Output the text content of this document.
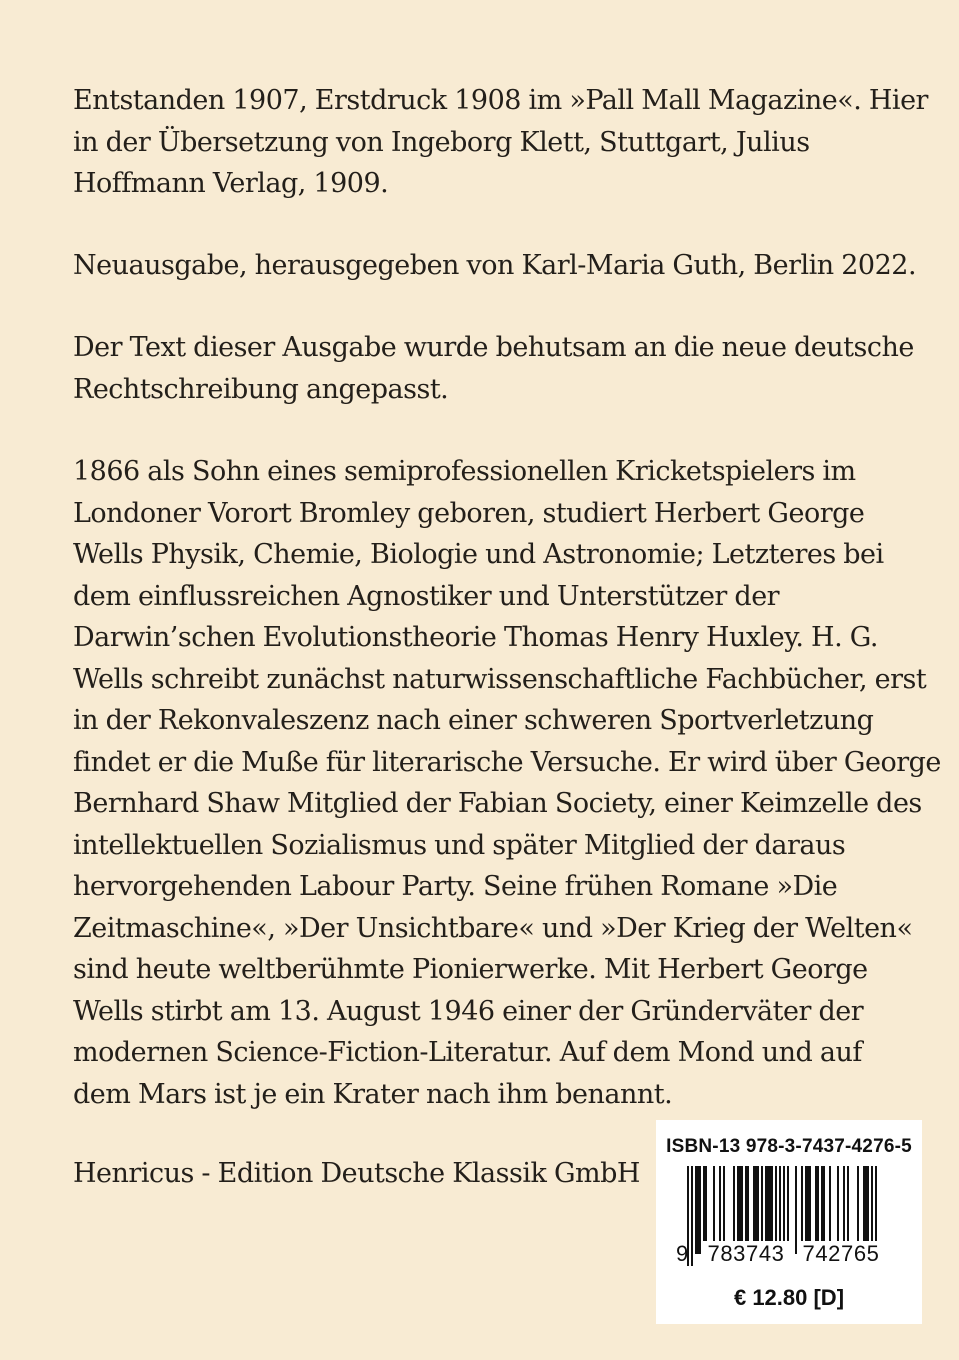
Entstanden 1907, Erstdruck 1908 im »Pall Mall Magazine«. Hier
in der Übersetzung von Ingeborg Klett, Stuttgart, Julius
Hoffmann Verlag, 1909.
Neuausgabe, herausgegeben von Karl-Maria Guth, Berlin 2022.
Der Text dieser Ausgabe wurde behutsam an die neue deutsche
Rechtschreibung angepasst.
1866 als Sohn eines semiprofessionellen Kricketspielers im
Londoner Vorort Bromley geboren, studiert Herbert George
Wells Physik, Chemie, Biologie und Astronomie; Letzteres bei
dem einflussreichen Agnostiker und Unterstützer der
Darwin’schen Evolutionstheorie Thomas Henry Huxley. H. G.
Wells schreibt zunächst naturwissenschaftliche Fachbücher, erst
in der Rekonvaleszenz nach einer schweren Sportverletzung
findet er die Muße für literarische Versuche. Er wird über George
Bernhard Shaw Mitglied der Fabian Society, einer Keimzelle des
intellektuellen Sozialismus und später Mitglied der daraus
hervorgehenden Labour Party. Seine frühen Romane »Die
Zeitmaschine«, »Der Unsichtbare« und »Der Krieg der Welten«
sind heute weltberühmte Pionierwerke. Mit Herbert George
Wells stirbt am 13. August 1946 einer der Gründerväter der
modernen Science-Fiction-Literatur. Auf dem Mond und auf
dem Mars ist je ein Krater nach ihm benannt.
Henricus - Edition Deutsche Klassik GmbH
ISBN-13 978-3-7437-4276-5
9 783743 742765
€ 12.80 [D]
